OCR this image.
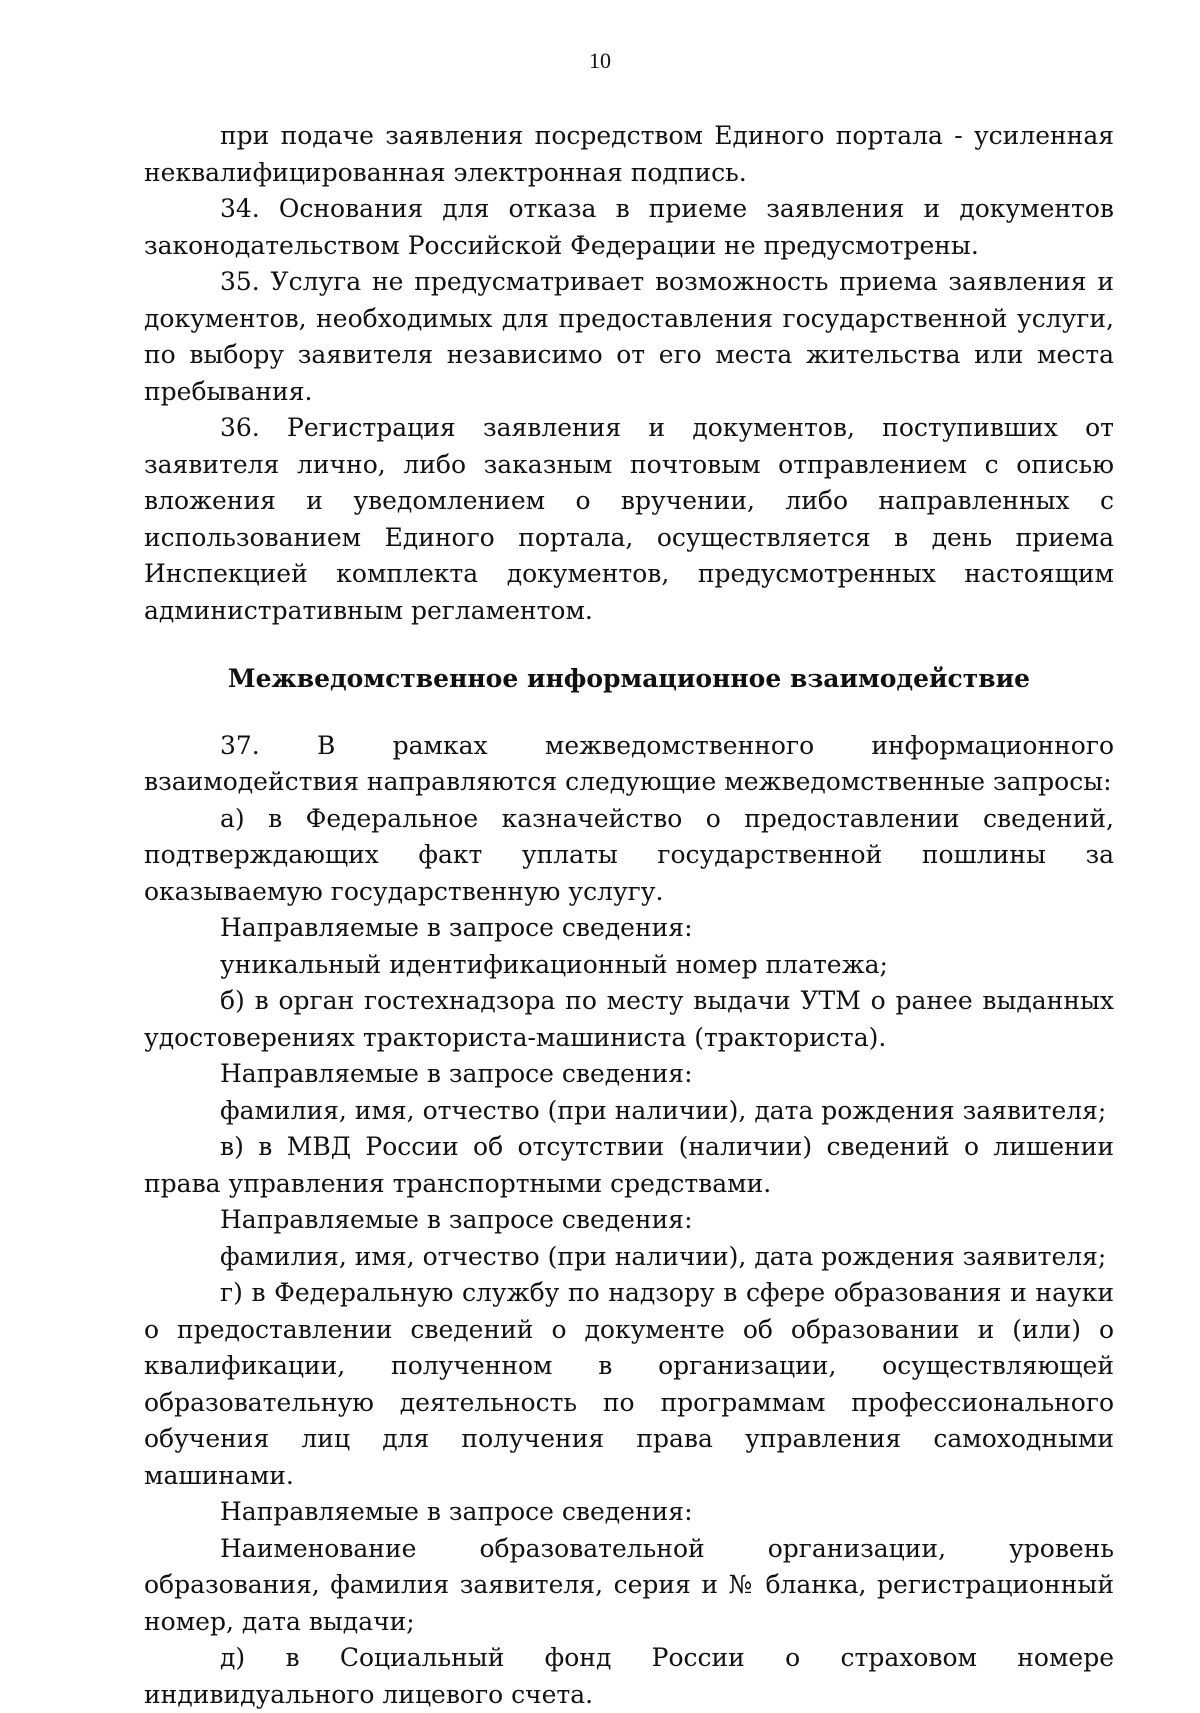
10

при подаче заявления посредством Единого портала - усиленная неквалифицированная электронная подпись.

34. Основания для отказа в приеме заявления и документов законодательством Российской Федерации не предусмотрены.

35. Услуга не предусматривает возможность приема заявления и документов, необходимых для предоставления государственной услуги, по выбору заявителя независимо от его места жительства или места пребывания.

36. Регистрация заявления и документов, поступивших от заявителя лично, либо заказным почтовым отправлением с описью вложения и уведомлением о вручении, либо направленных с использованием Единого портала, осуществляется в день приема Инспекцией комплекта документов, предусмотренных настоящим административным регламентом.

Межведомственное информационное взаимодействие

37. В рамках межведомственного информационного взаимодействия направляются следующие межведомственные запросы:

а) в Федеральное казначейство о предоставлении сведений, подтверждающих факт уплаты государственной пошлины за оказываемую государственную услугу.

Направляемые в запросе сведения:

уникальный идентификационный номер платежа;

б) в орган гостехнадзора по месту выдачи УТМ о ранее выданных удостоверениях тракториста-машиниста (тракториста).

Направляемые в запросе сведения:

фамилия, имя, отчество (при наличии), дата рождения заявителя;

в) в МВД России об отсутствии (наличии) сведений о лишении права управления транспортными средствами.

Направляемые в запросе сведения:

фамилия, имя, отчество (при наличии), дата рождения заявителя;

г) в Федеральную службу по надзору в сфере образования и науки о предоставлении сведений о документе об образовании и (или) о квалификации, полученном в организации, осуществляющей образовательную деятельность по программам профессионального обучения лиц для получения права управления самоходными машинами.

Направляемые в запросе сведения:

Наименование образовательной организации, уровень образования, фамилия заявителя, серия и № бланка, регистрационный номер, дата выдачи;

д) в Социальный фонд России о страховом номере индивидуального лицевого счета.
